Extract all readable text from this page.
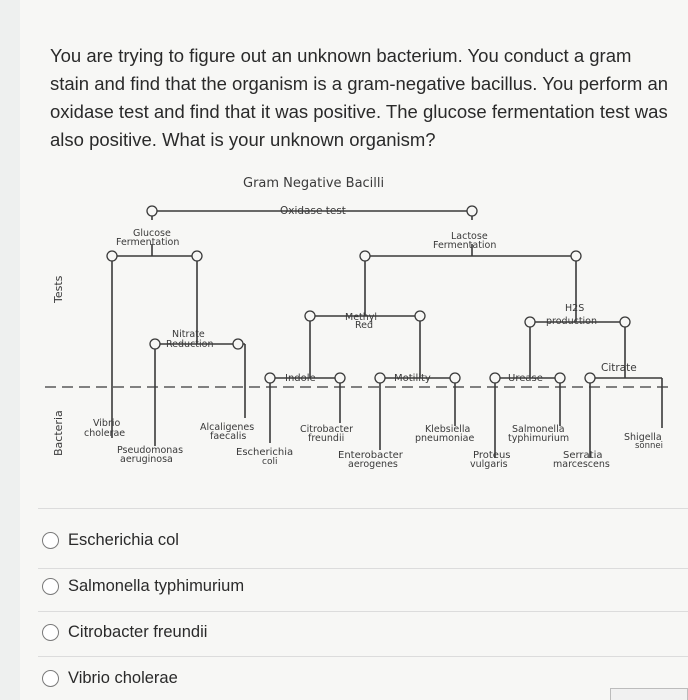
You are trying to figure out an unknown bacterium. You conduct a gram stain and find that the organism is a gram-negative bacillus. You perform an oxidase test and find that it was positive. The glucose fermentation test was also positive. What is your unknown organism?
Gram Negative Bacilli
Oxidase test
Glucose
Fermentation
Lactose
Fermentation
Nitrate
Reduction
Methyl
Red
H2S
production
Citrate
Indole	Motility	Urease
Tests
Bacteria	Vibrio
cholerae
Pseudomonas
aeruginosa
Alcaligenes
faecalis
Escherichia
coli
Citrobacter
freundii
Enterobacter
aerogenes
Klebsiella
pneumoniae
Proteus
vulgaris
Salmonella
typhimurium
Serratia
marcescens
Shigella
sonnei
Escherichia col
Salmonella typhimurium
Citrobacter freundii
Vibrio cholerae
